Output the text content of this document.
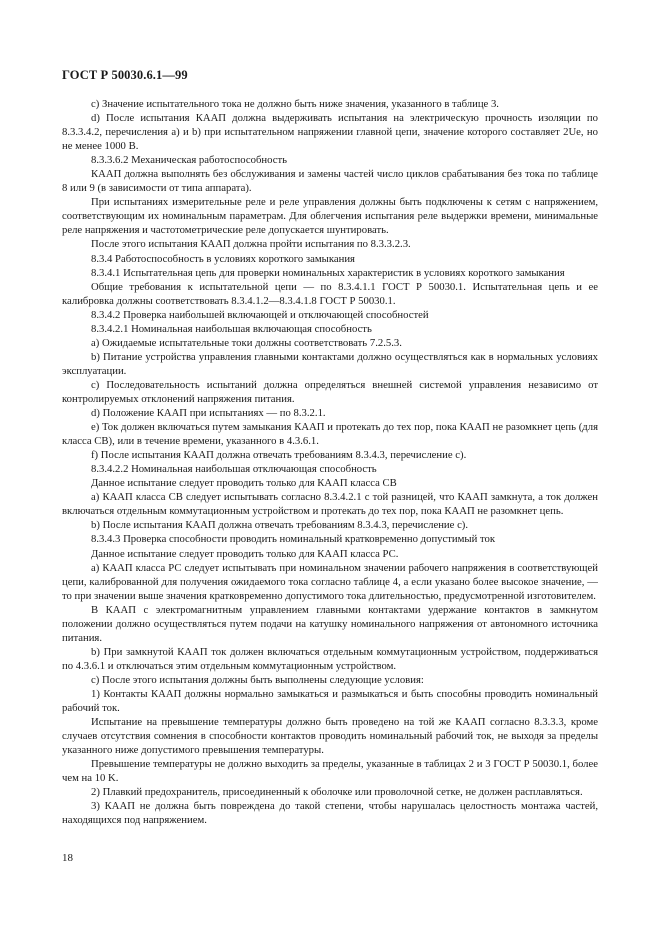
ГОСТ Р 50030.6.1—99

c) Значение испытательного тока не должно быть ниже значения, указанного в таблице 3.

d) После испытания КААП должна выдерживать испытания на электрическую прочность изоляции по 8.3.3.4.2, перечисления a) и b) при испытательном напряжении главной цепи, значение которого составляет 2Ue, но не менее 1000 В.

8.3.3.6.2 Механическая работоспособность

КААП должна выполнять без обслуживания и замены частей число циклов срабатывания без тока по таблице 8 или 9 (в зависимости от типа аппарата).

При испытаниях измерительные реле и реле управления должны быть подключены к сетям с напряжением, соответствующим их номинальным параметрам. Для облегчения испытания реле выдержки времени, минимальные реле напряжения и частотометрические реле допускается шунтировать.

После этого испытания КААП должна пройти испытания по 8.3.3.2.3.

8.3.4 Работоспособность в условиях короткого замыкания

8.3.4.1 Испытательная цепь для проверки номинальных характеристик в условиях короткого замыкания

Общие требования к испытательной цепи — по 8.3.4.1.1 ГОСТ Р 50030.1. Испытательная цепь и ее калибровка должны соответствовать 8.3.4.1.2—8.3.4.1.8 ГОСТ Р 50030.1.

8.3.4.2 Проверка наибольшей включающей и отключающей способностей

8.3.4.2.1 Номинальная наибольшая включающая способность

a) Ожидаемые испытательные токи должны соответствовать 7.2.5.3.

b) Питание устройства управления главными контактами должно осуществляться как в нормальных условиях эксплуатации.

c) Последовательность испытаний должна определяться внешней системой управления независимо от контролируемых отклонений напряжения питания.

d) Положение КААП при испытаниях — по 8.3.2.1.

e) Ток должен включаться путем замыкания КААП и протекать до тех пор, пока КААП не разомкнет цепь (для класса СВ), или в течение времени, указанного в 4.3.6.1.

f) После испытания КААП должна отвечать требованиям 8.3.4.3, перечисление c).

8.3.4.2.2 Номинальная наибольшая отключающая способность

Данное испытание следует проводить только для КААП класса СВ

a) КААП класса СВ следует испытывать согласно 8.3.4.2.1 с той разницей, что КААП замкнута, а ток должен включаться отдельным коммутационным устройством и протекать до тех пор, пока КААП не разомкнет цепь.

b) После испытания КААП должна отвечать требованиям 8.3.4.3, перечисление c).

8.3.4.3 Проверка способности проводить номинальный кратковременно допустимый ток

Данное испытание следует проводить только для КААП класса РС.

a) КААП класса РС следует испытывать при номинальном значении рабочего напряжения в соответствующей цепи, калиброванной для получения ожидаемого тока согласно таблице 4, а если указано более высокое значение, — то при значении выше значения кратковременно допустимого тока длительностью, предусмотренной изготовителем.

В КААП с электромагнитным управлением главными контактами удержание контактов в замкнутом положении должно осуществляться путем подачи на катушку номинального напряжения от автономного источника питания.

b) При замкнутой КААП ток должен включаться отдельным коммутационным устройством, поддерживаться по 4.3.6.1 и отключаться этим отдельным коммутационным устройством.

c) После этого испытания должны быть выполнены следующие условия:

1) Контакты КААП должны нормально замыкаться и размыкаться и быть способны проводить номинальный рабочий ток.

Испытание на превышение температуры должно быть проведено на той же КААП согласно 8.3.3.3, кроме случаев отсутствия сомнения в способности контактов проводить номинальный рабочий ток, не выходя за пределы указанного ниже допустимого превышения температуры.

Превышение температуры не должно выходить за пределы, указанные в таблицах 2 и 3 ГОСТ Р 50030.1, более чем на 10 K.

2) Плавкий предохранитель, присоединенный к оболочке или проволочной сетке, не должен расплавляться.

3) КААП не должна быть повреждена до такой степени, чтобы нарушалась целостность монтажа частей, находящихся под напряжением.

18
